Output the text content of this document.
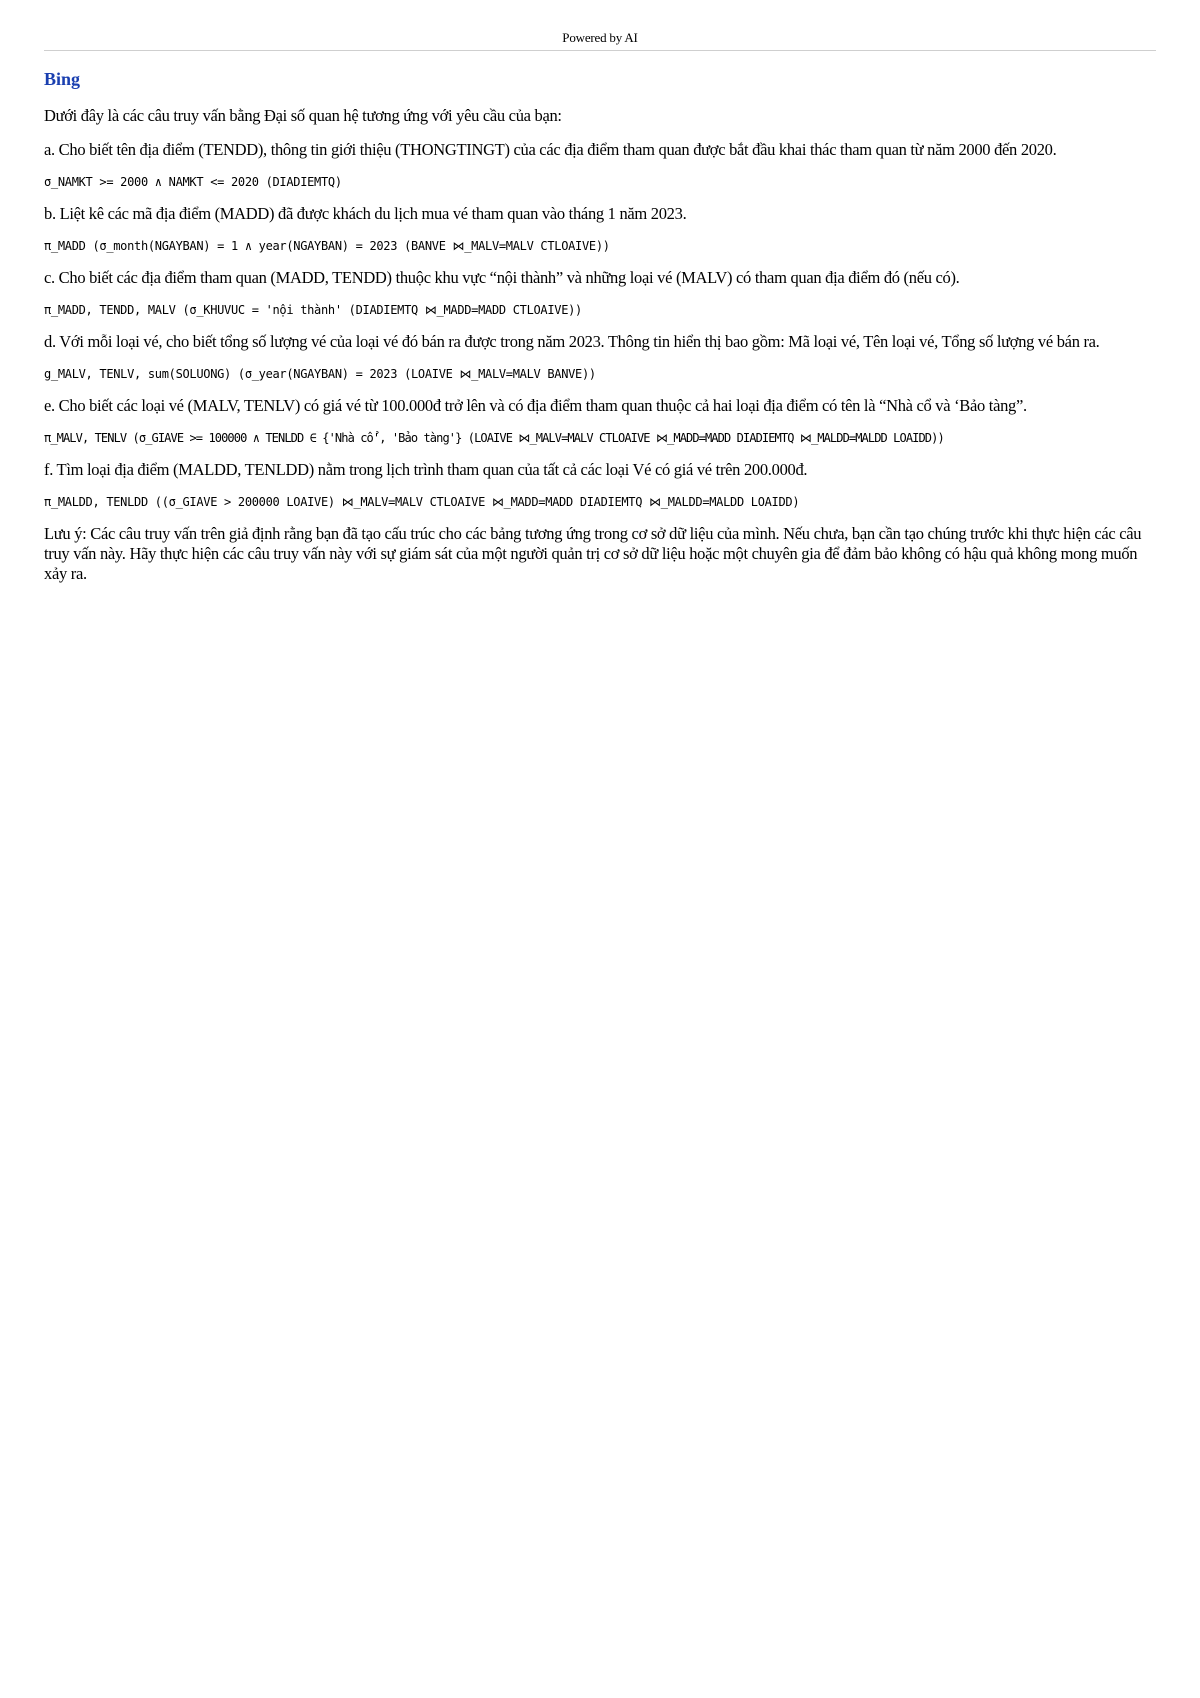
Powered by AI
Bing

Dưới đây là các câu truy vấn bằng Đại số quan hệ tương ứng với yêu cầu của bạn:

a. Cho biết tên địa điểm (TENDD), thông tin giới thiệu (THONGTINGT) của các địa điểm tham quan được bắt đầu khai thác tham quan từ năm 2000 đến 2020.

σ_NAMKT >= 2000 ∧ NAMKT <= 2020 (DIADIEMTQ)

b. Liệt kê các mã địa điểm (MADD) đã được khách du lịch mua vé tham quan vào tháng 1 năm 2023.

π_MADD (σ_month(NGAYBAN) = 1 ∧ year(NGAYBAN) = 2023 (BANVE ⋈_MALV=MALV CTLOAIVE))

c. Cho biết các địa điểm tham quan (MADD, TENDD) thuộc khu vực “nội thành” và những loại vé (MALV) có tham quan địa điểm đó (nếu có).

π_MADD, TENDD, MALV (σ_KHUVUC = 'nội thành' (DIADIEMTQ ⋈_MADD=MADD CTLOAIVE))

d. Với mỗi loại vé, cho biết tổng số lượng vé của loại vé đó bán ra được trong năm 2023. Thông tin hiển thị bao gồm: Mã loại vé, Tên loại vé, Tổng số lượng vé bán ra.

g_MALV, TENLV, sum(SOLUONG) (σ_year(NGAYBAN) = 2023 (LOAIVE ⋈_MALV=MALV BANVE))

e. Cho biết các loại vé (MALV, TENLV) có giá vé từ 100.000đ trở lên và có địa điểm tham quan thuộc cả hai loại địa điểm có tên là “Nhà cổ và ‘Bảo tàng”.

π_MALV, TENLV (σ_GIAVE >= 100000 ∧ TENLDD ∈ {'Nhà cổ', 'Bảo tàng'} (LOAIVE ⋈_MALV=MALV CTLOAIVE ⋈_MADD=MADD DIADIEMTQ ⋈_MALDD=MALDD LOAIDD))

f. Tìm loại địa điểm (MALDD, TENLDD) nằm trong lịch trình tham quan của tất cả các loại Vé có giá vé trên 200.000đ.

π_MALDD, TENLDD ((σ_GIAVE > 200000 LOAIVE) ⋈_MALV=MALV CTLOAIVE ⋈_MADD=MADD DIADIEMTQ ⋈_MALDD=MALDD LOAIDD)

Lưu ý: Các câu truy vấn trên giả định rằng bạn đã tạo cấu trúc cho các bảng tương ứng trong cơ sở dữ liệu của mình. Nếu chưa, bạn cần tạo chúng trước khi thực hiện các câu truy vấn này. Hãy thực hiện các câu truy vấn này với sự giám sát của một người quản trị cơ sở dữ liệu hoặc một chuyên gia để đảm bảo không có hậu quả không mong muốn xảy ra.
